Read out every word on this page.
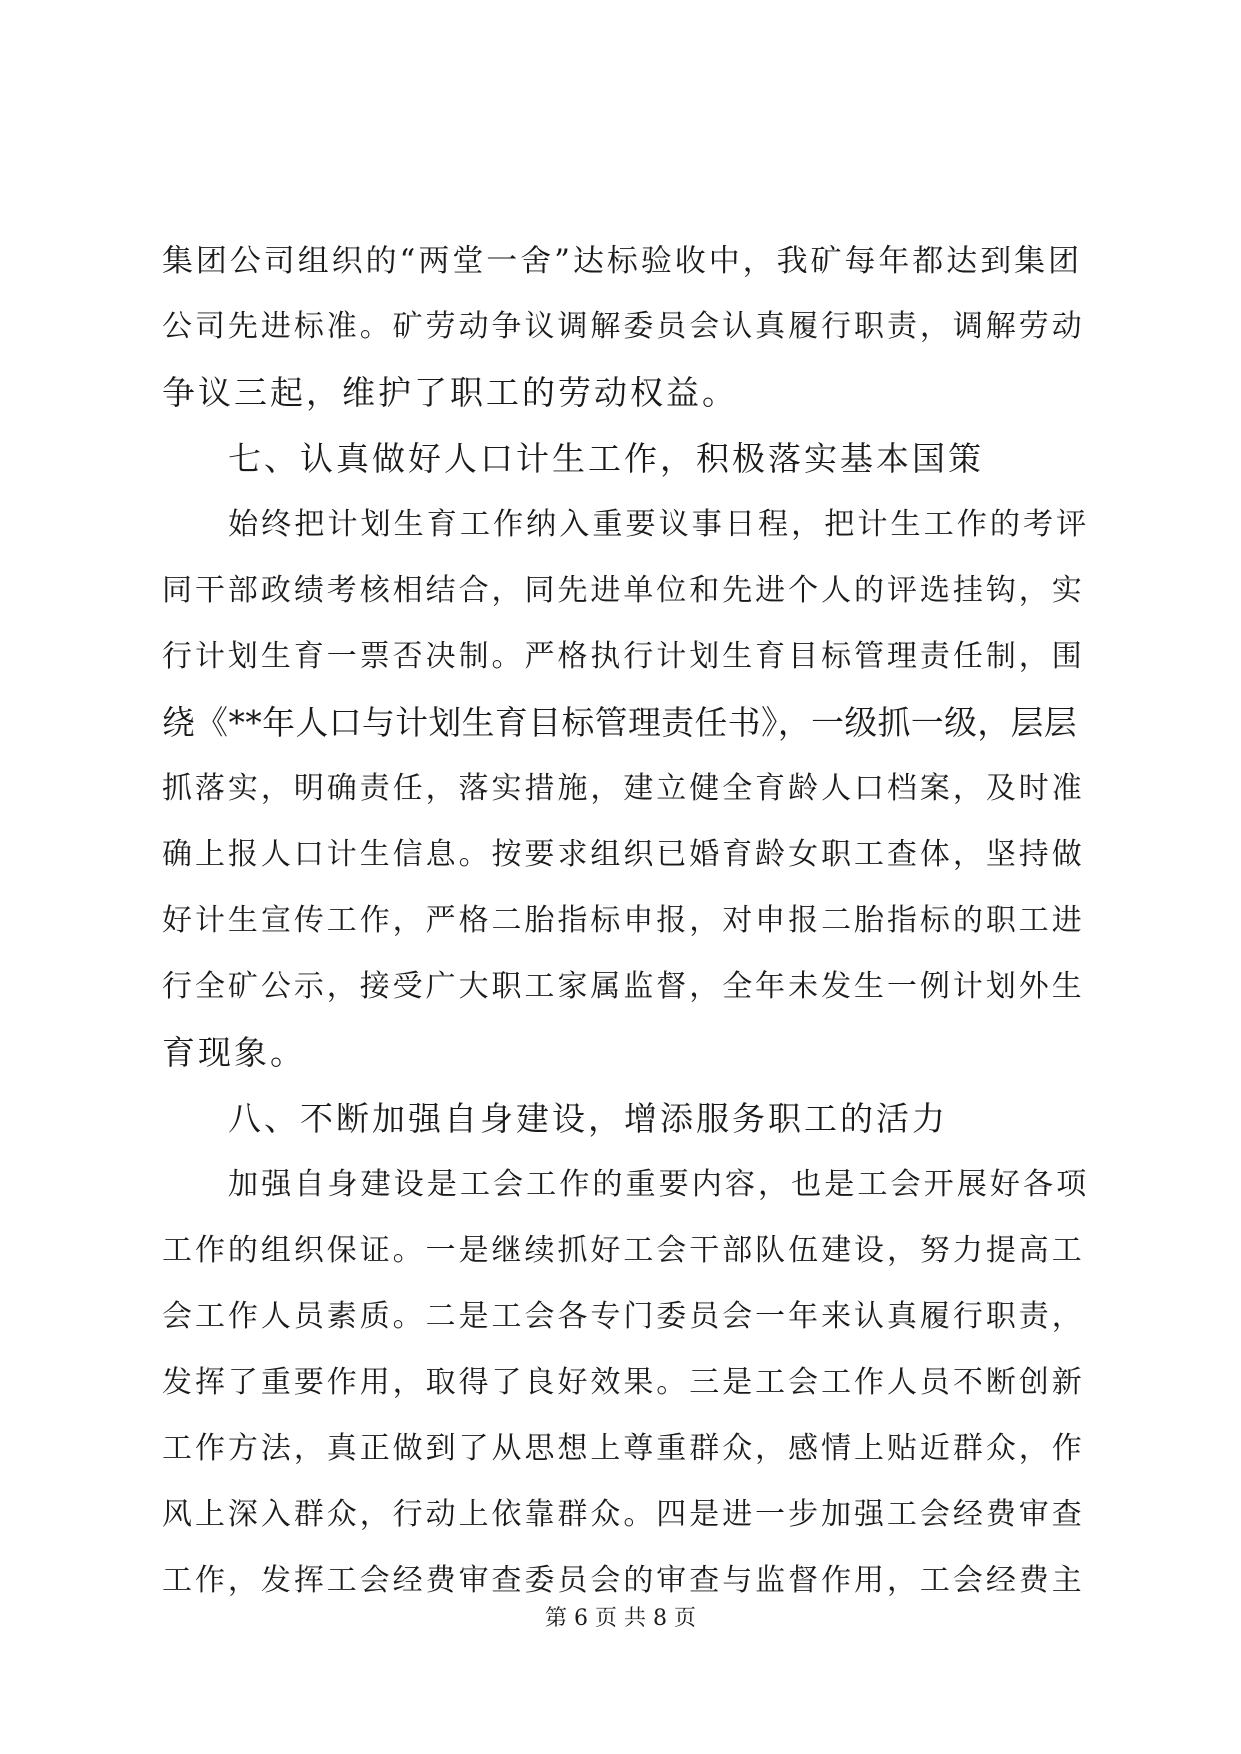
集团公司组织的“两堂一舍”达标验收中，我矿每年都达到集团
公司先进标准。矿劳动争议调解委员会认真履行职责，调解劳动
争议三起，维护了职工的劳动权益。
七、认真做好人口计生工作，积极落实基本国策
始终把计划生育工作纳入重要议事日程，把计生工作的考评
同干部政绩考核相结合，同先进单位和先进个人的评选挂钩，实
行计划生育一票否决制。严格执行计划生育目标管理责任制，围
绕《**年人口与计划生育目标管理责任书》，一级抓一级，层层
抓落实，明确责任，落实措施，建立健全育龄人口档案，及时准
确上报人口计生信息。按要求组织已婚育龄女职工查体，坚持做
好计生宣传工作，严格二胎指标申报，对申报二胎指标的职工进
行全矿公示，接受广大职工家属监督，全年未发生一例计划外生
育现象。
八、不断加强自身建设，增添服务职工的活力
加强自身建设是工会工作的重要内容，也是工会开展好各项
工作的组织保证。一是继续抓好工会干部队伍建设，努力提高工
会工作人员素质。二是工会各专门委员会一年来认真履行职责，
发挥了重要作用，取得了良好效果。三是工会工作人员不断创新
工作方法，真正做到了从思想上尊重群众，感情上贴近群众，作
风上深入群众，行动上依靠群众。四是进一步加强工会经费审查
工作，发挥工会经费审查委员会的审查与监督作用，工会经费主
第 6 页 共 8 页
